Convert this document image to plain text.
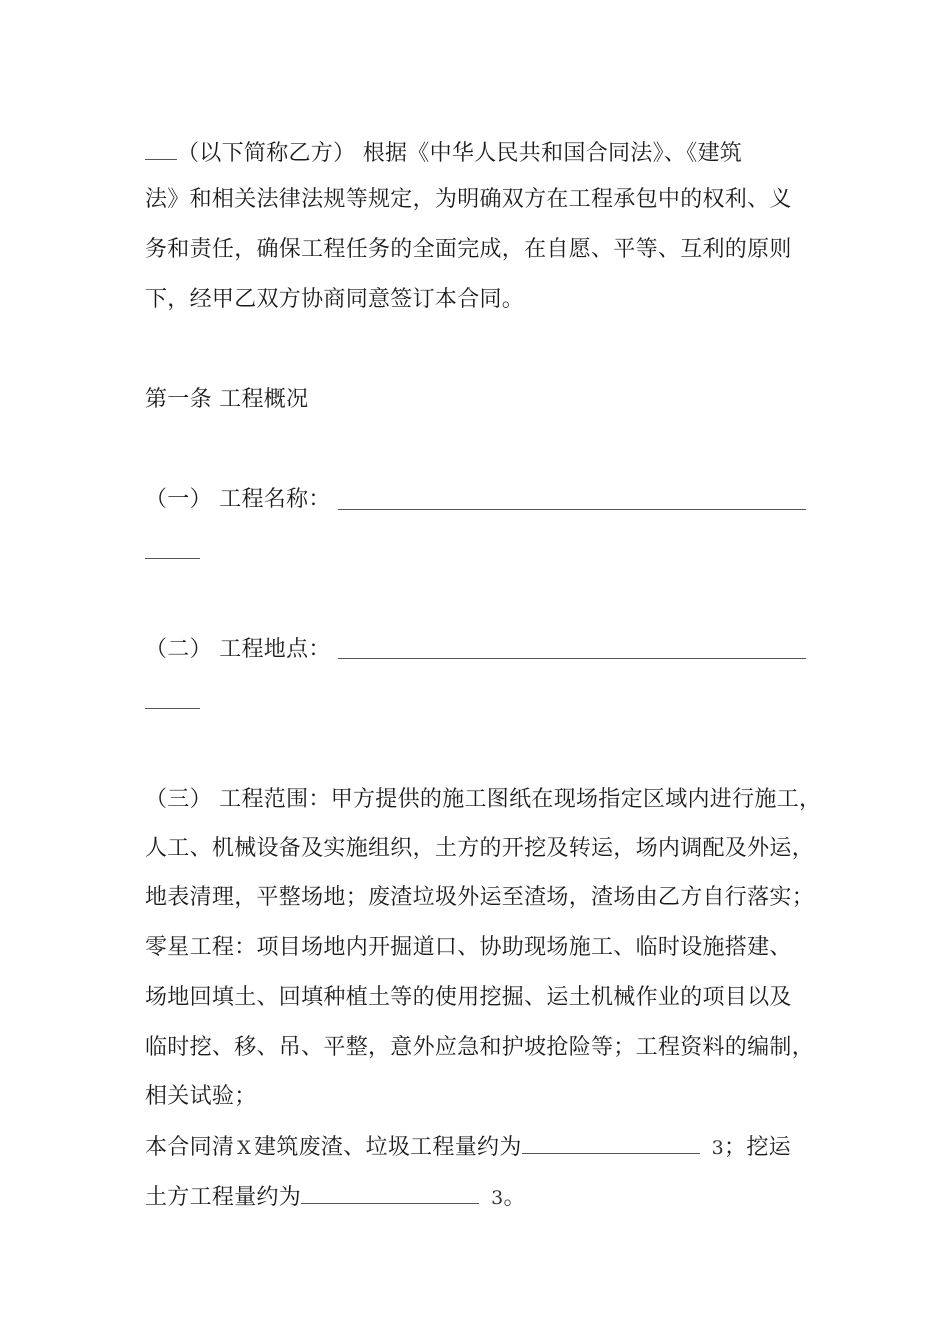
（以下简称乙方） 根据《中华人民共和国合同法》、《建筑
法》和相关法律法规等规定，为明确双方在工程承包中的权利、义
务和责任，确保工程任务的全面完成，在自愿、平等、互利的原则
下，经甲乙双方协商同意签订本合同。
第一条 工程概况
（一） 工程名称：
（二） 工程地点：
（三） 工程范围：甲方提供的施工图纸在现场指定区域内进行施工，
人工、机械设备及实施组织，土方的开挖及转运，场内调配及外运，
地表清理，平整场地；废渣垃圾外运至渣场，渣场由乙方自行落实；
零星工程：项目场地内开掘道口、协助现场施工、临时设施搭建、
场地回填土、回填种植土等的使用挖掘、运土机械作业的项目以及
临时挖、移、吊、平整，意外应急和护坡抢险等；工程资料的编制，
相关试验；
本合同清 X 建筑废渣、垃圾工程量约为	3；挖运
土方工程量约为	3。
